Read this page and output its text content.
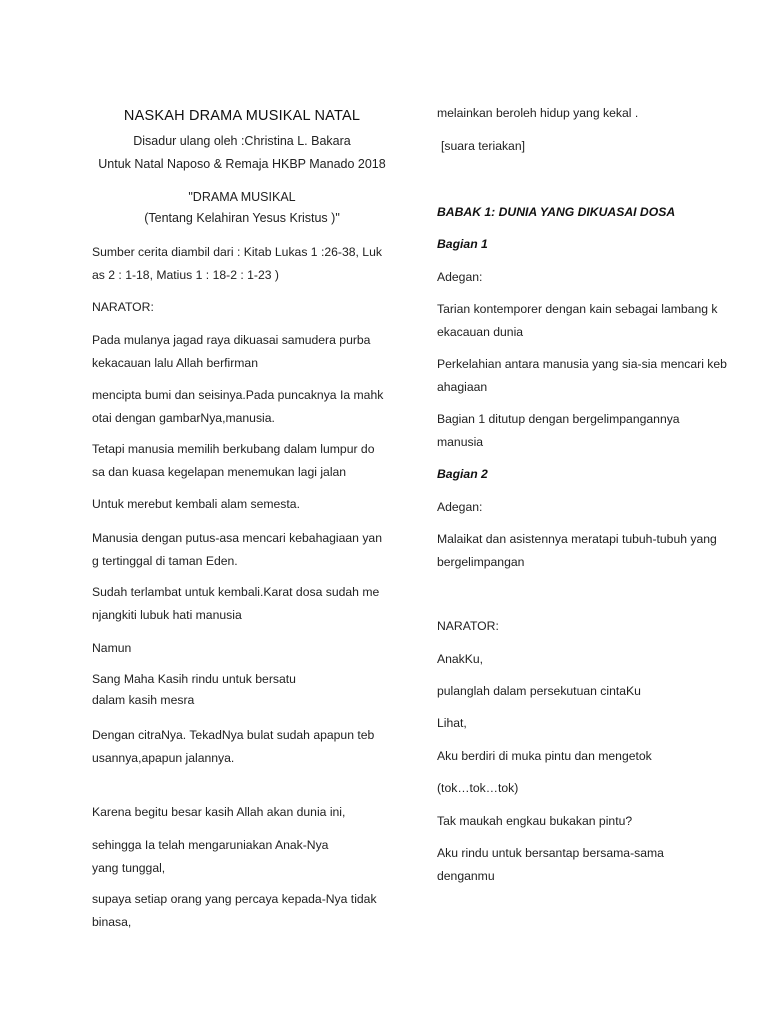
NASKAH DRAMA MUSIKAL NATAL
Disadur ulang oleh :Christina L. Bakara
Untuk Natal Naposo & Remaja HKBP Manado 2018
"DRAMA MUSIKAL
(Tentang Kelahiran Yesus Kristus )"
Sumber cerita diambil dari : Kitab Lukas 1 :26-38, Luk
as 2 : 1-18, Matius 1 : 18-2 : 1-23 )
NARATOR:
Pada mulanya jagad raya dikuasai samudera purba
kekacauan lalu Allah berfirman
mencipta bumi dan seisinya.Pada puncaknya Ia mahk
otai dengan gambarNya,manusia.
Tetapi manusia memilih berkubang dalam lumpur do
sa dan kuasa kegelapan menemukan lagi jalan
Untuk merebut kembali alam semesta.
Manusia dengan putus-asa mencari kebahagiaan yan
g tertinggal di taman Eden.
Sudah terlambat untuk kembali.Karat dosa sudah me
njangkiti lubuk hati manusia
Namun
Sang Maha Kasih rindu untuk bersatu
dalam kasih mesra
Dengan citraNya. TekadNya bulat sudah apapun teb
usannya,apapun jalannya.
Karena begitu besar kasih Allah akan dunia ini,
sehingga Ia telah mengaruniakan Anak-Nya
yang tunggal,
supaya setiap orang yang percaya kepada-Nya tidak
binasa,
melainkan beroleh hidup yang kekal .
[suara teriakan]
BABAK 1: DUNIA YANG DIKUASAI DOSA
Bagian 1
Adegan:
Tarian kontemporer dengan kain sebagai lambang k
ekacauan dunia
Perkelahian antara manusia yang sia-sia mencari keb
ahagiaan
Bagian 1 ditutup dengan bergelimpangannya
manusia
Bagian 2
Adegan:
Malaikat dan asistennya meratapi tubuh-tubuh yang
bergelimpangan
NARATOR:
AnakKu,
pulanglah dalam persekutuan cintaKu
Lihat,
Aku berdiri di muka pintu dan mengetok
(tok…tok…tok)
Tak maukah engkau bukakan pintu?
Aku rindu untuk bersantap bersama-sama
denganmu
